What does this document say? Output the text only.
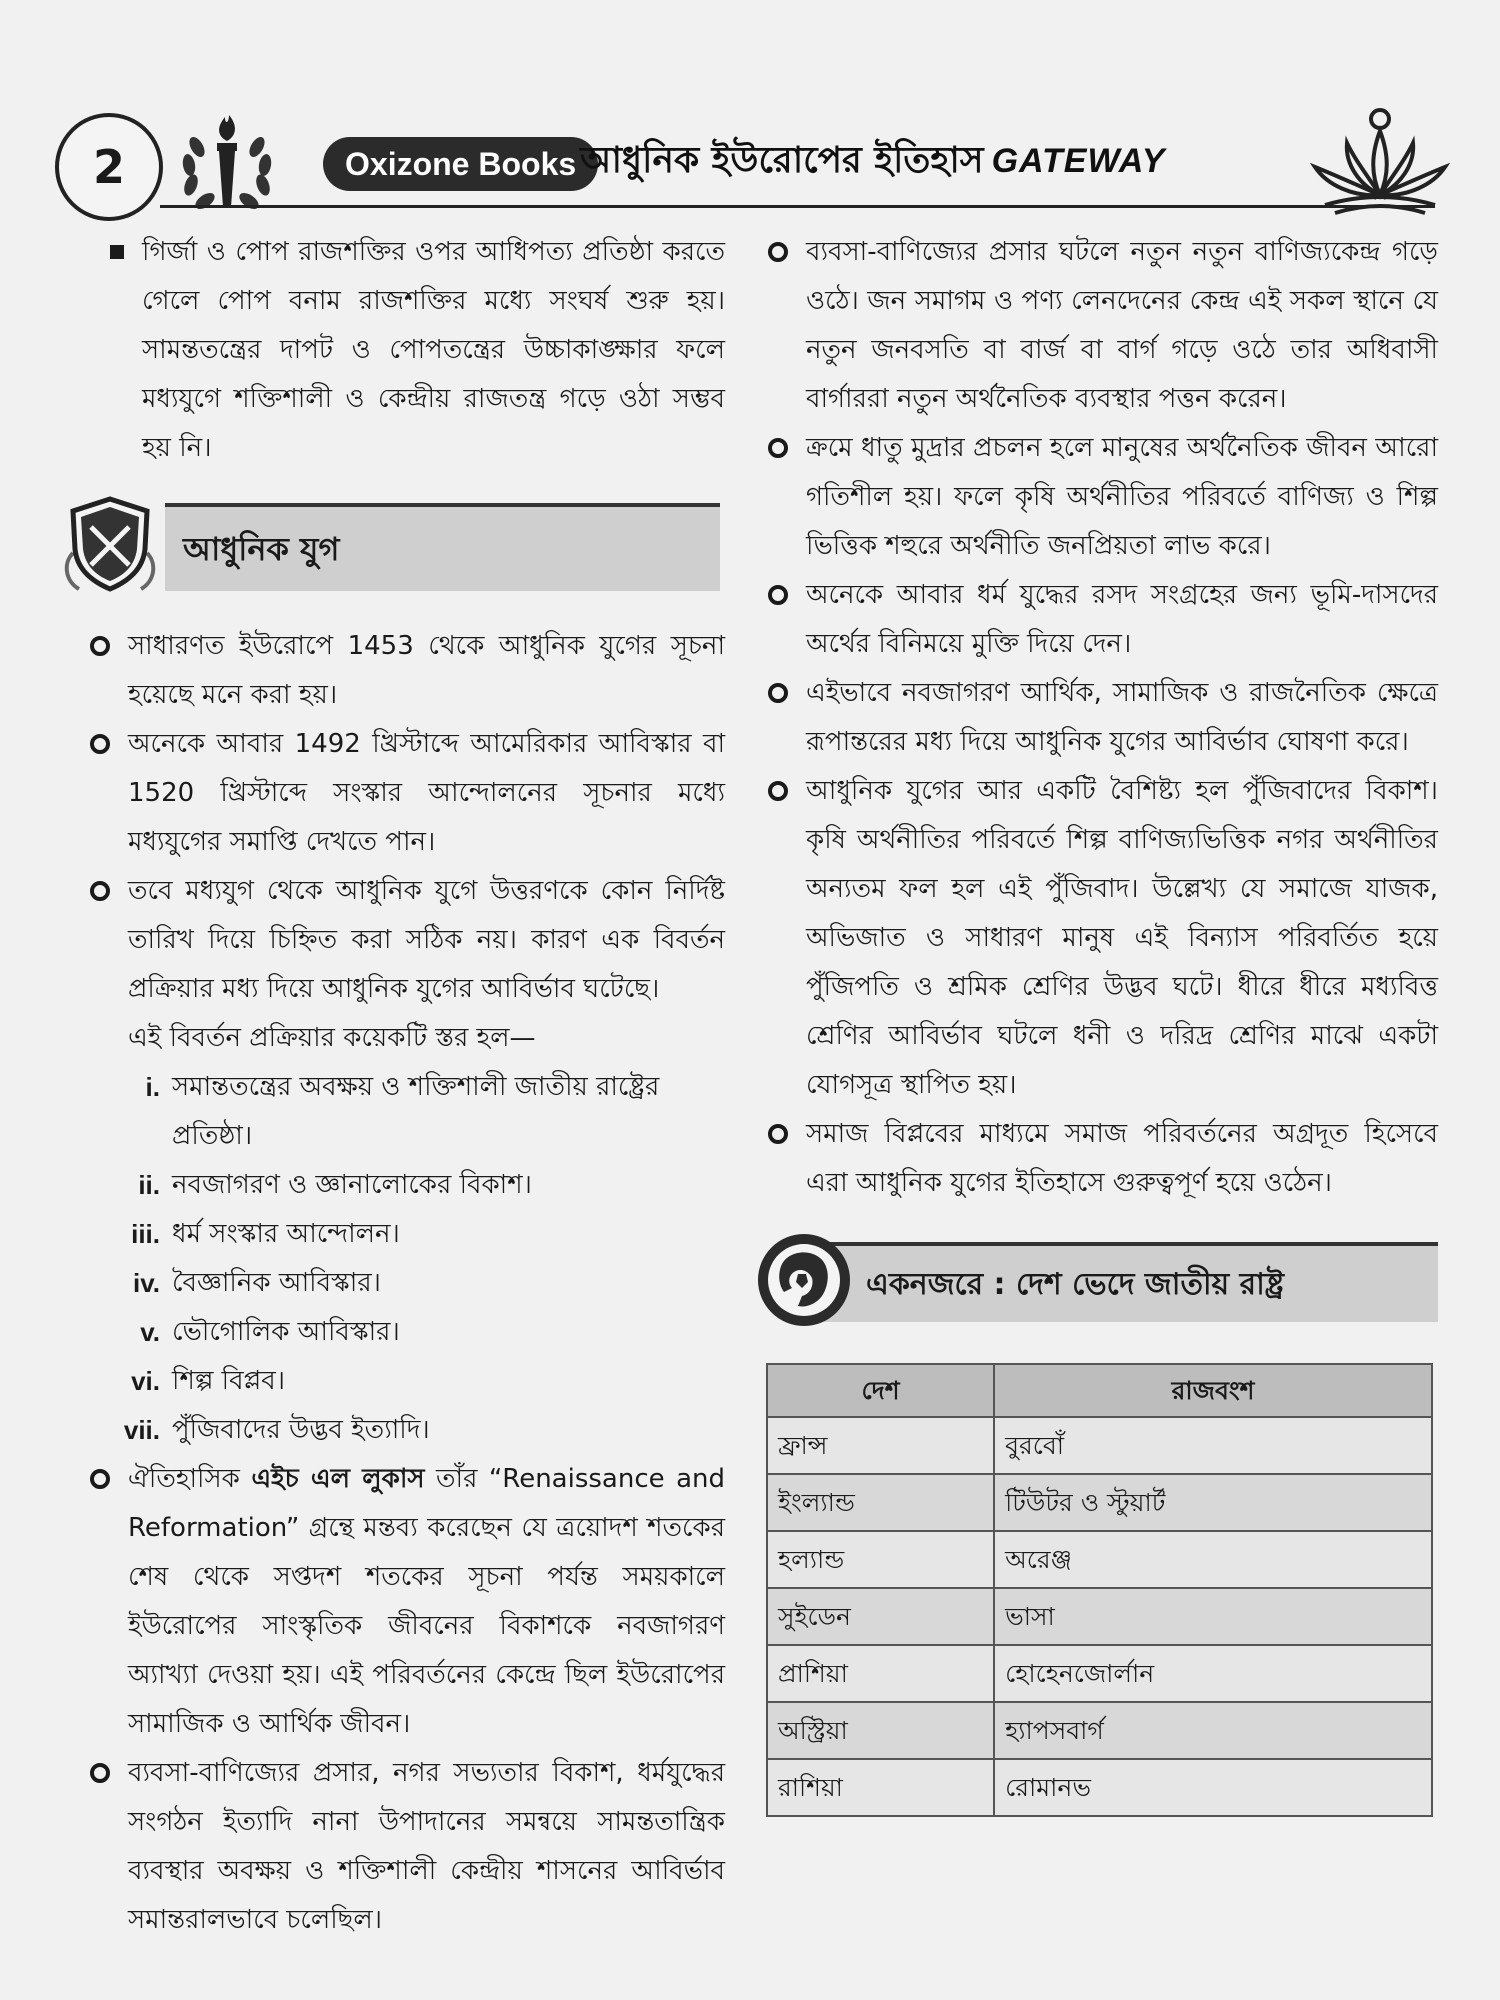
2	Oxizone Books আধুনিক ইউরোপের ইতিহাস GATEWAY

গির্জা ও পোপ রাজশক্তির ওপর আধিপত্য প্রতিষ্ঠা করতে গেলে পোপ বনাম রাজশক্তির মধ্যে সংঘর্ষ শুরু হয়। সামন্ততন্ত্রের দাপট ও পোপতন্ত্রের উচ্চাকাঙ্ক্ষার ফলে মধ্যযুগে শক্তিশালী ও কেন্দ্রীয় রাজতন্ত্র গড়ে ওঠা সম্ভব হয় নি।

আধুনিক যুগ

সাধারণত ইউরোপে 1453 থেকে আধুনিক যুগের সূচনা হয়েছে মনে করা হয়।

অনেকে আবার 1492 খ্রিস্টাব্দে আমেরিকার আবিস্কার বা 1520 খ্রিস্টাব্দে সংস্কার আন্দোলনের সূচনার মধ্যে মধ্যযুগের সমাপ্তি দেখতে পান।

তবে মধ্যযুগ থেকে আধুনিক যুগে উত্তরণকে কোন নির্দিষ্ট তারিখ দিয়ে চিহ্নিত করা সঠিক নয়। কারণ এক বিবর্তন প্রক্রিয়ার মধ্য দিয়ে আধুনিক যুগের আবির্ভাব ঘটেছে।

এই বিবর্তন প্রক্রিয়ার কয়েকটি স্তর হল—

i. সমান্ততন্ত্রের অবক্ষয় ও শক্তিশালী জাতীয় রাষ্ট্রের প্রতিষ্ঠা।

ii. নবজাগরণ ও জ্ঞানালোকের বিকাশ।

iii. ধর্ম সংস্কার আন্দোলন।

iv. বৈজ্ঞানিক আবিস্কার।

v. ভৌগোলিক আবিস্কার।

vi. শিল্প বিপ্লব।

vii. পুঁজিবাদের উদ্ভব ইত্যাদি।

ঐতিহাসিক এইচ এল লুকাস তাঁর “Renaissance and Reformation” গ্রন্থে মন্তব্য করেছেন যে ত্রয়োদশ শতকের শেষ থেকে সপ্তদশ শতকের সূচনা পর্যন্ত সময়কালে ইউরোপের সাংস্কৃতিক জীবনের বিকাশকে নবজাগরণ অ্যাখ্যা দেওয়া হয়। এই পরিবর্তনের কেন্দ্রে ছিল ইউরোপের সামাজিক ও আর্থিক জীবন।

ব্যবসা-বাণিজ্যের প্রসার, নগর সভ্যতার বিকাশ, ধর্মযুদ্ধের সংগঠন ইত্যাদি নানা উপাদানের সমন্বয়ে সামন্ততান্ত্রিক ব্যবস্থার অবক্ষয় ও শক্তিশালী কেন্দ্রীয় শাসনের আবির্ভাব সমান্তরালভাবে চলেছিল।

ব্যবসা-বাণিজ্যের প্রসার ঘটলে নতুন নতুন বাণিজ্যকেন্দ্র গড়ে ওঠে। জন সমাগম ও পণ্য লেনদেনের কেন্দ্র এই সকল স্থানে যে নতুন জনবসতি বা বার্জ বা বার্গ গড়ে ওঠে তার অধিবাসী বার্গাররা নতুন অর্থনৈতিক ব্যবস্থার পত্তন করেন।

ক্রমে ধাতু মুদ্রার প্রচলন হলে মানুষের অর্থনৈতিক জীবন আরো গতিশীল হয়। ফলে কৃষি অর্থনীতির পরিবর্তে বাণিজ্য ও শিল্প ভিত্তিক শহুরে অর্থনীতি জনপ্রিয়তা লাভ করে।

অনেকে আবার ধর্ম যুদ্ধের রসদ সংগ্রহের জন্য ভূমি-দাসদের অর্থের বিনিময়ে মুক্তি দিয়ে দেন।

এইভাবে নবজাগরণ আর্থিক, সামাজিক ও রাজনৈতিক ক্ষেত্রে রূপান্তরের মধ্য দিয়ে আধুনিক যুগের আবির্ভাব ঘোষণা করে।

আধুনিক যুগের আর একটি বৈশিষ্ট্য হল পুঁজিবাদের বিকাশ। কৃষি অর্থনীতির পরিবর্তে শিল্প বাণিজ্যভিত্তিক নগর অর্থনীতির অন্যতম ফল হল এই পুঁজিবাদ। উল্লেখ্য যে সমাজে যাজক, অভিজাত ও সাধারণ মানুষ এই বিন্যাস পরিবর্তিত হয়ে পুঁজিপতি ও শ্রমিক শ্রেণির উদ্ভব ঘটে। ধীরে ধীরে মধ্যবিত্ত শ্রেণির আবির্ভাব ঘটলে ধনী ও দরিদ্র শ্রেণির মাঝে একটা যোগসূত্র স্থাপিত হয়।

সমাজ বিপ্লবের মাধ্যমে সমাজ পরিবর্তনের অগ্রদূত হিসেবে এরা আধুনিক যুগের ইতিহাসে গুরুত্বপূর্ণ হয়ে ওঠেন।

একনজরে : দেশ ভেদে জাতীয় রাষ্ট্র
দেশ	রাজবংশ
ফ্রান্স	বুরবোঁ
ইংল্যান্ড	টিউটর ও স্টুয়ার্ট
হল্যান্ড	অরেঞ্জ
সুইডেন	ভাসা
প্রাশিয়া	হোহেনজোর্লান
অস্ট্রিয়া	হ্যাপসবার্গ
রাশিয়া	রোমানভ
